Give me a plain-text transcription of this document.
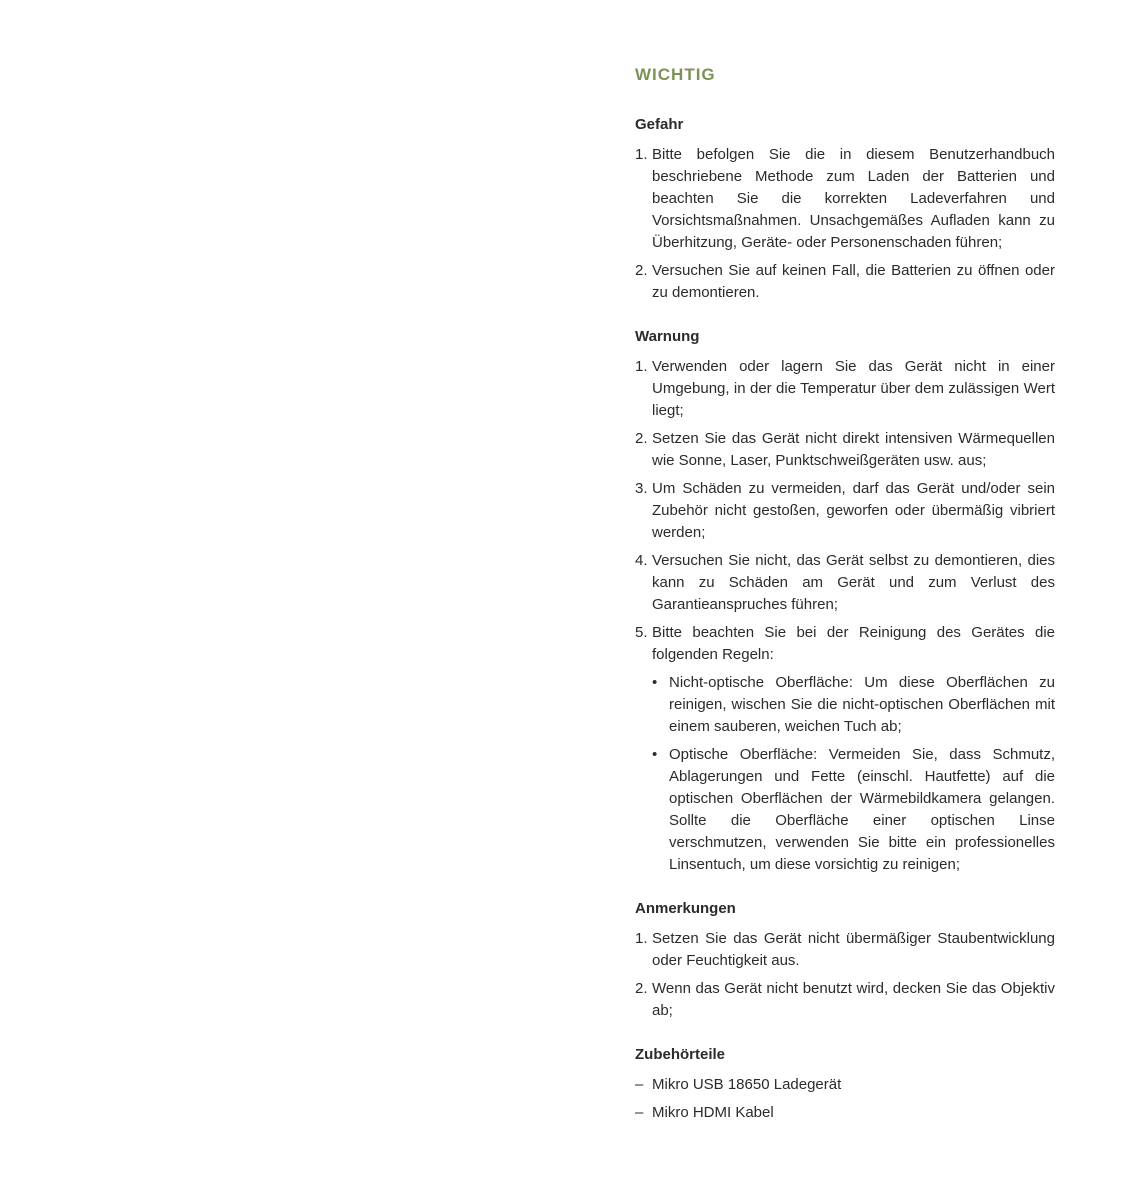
WICHTIG
Gefahr
1. Bitte befolgen Sie die in diesem Benutzerhandbuch beschriebene Methode zum Laden der Batterien und beachten Sie die korrekten Ladeverfahren und Vorsichtsmaßnahmen. Unsachgemäßes Aufladen kann zu Überhitzung, Geräte- oder Personenschaden führen;
2. Versuchen Sie auf keinen Fall, die Batterien zu öffnen oder zu demontieren.
Warnung
1. Verwenden oder lagern Sie das Gerät nicht in einer Umgebung, in der die Temperatur über dem zulässigen Wert liegt;
2. Setzen Sie das Gerät nicht direkt intensiven Wärmequellen wie Sonne, Laser, Punktschweißgeräten usw. aus;
3. Um Schäden zu vermeiden, darf das Gerät und/oder sein Zubehör nicht gestoßen, geworfen oder übermäßig vibriert werden;
4. Versuchen Sie nicht, das Gerät selbst zu demontieren, dies kann zu Schäden am Gerät und zum Verlust des Garantieanspruches führen;
5. Bitte beachten Sie bei der Reinigung des Gerätes die folgenden Regeln:
• Nicht-optische Oberfläche: Um diese Oberflächen zu reinigen, wischen Sie die nicht-optischen Oberflächen mit einem sauberen, weichen Tuch ab;
• Optische Oberfläche: Vermeiden Sie, dass Schmutz, Ablagerungen und Fette (einschl. Hautfette) auf die optischen Oberflächen der Wärmebildkamera gelangen. Sollte die Oberfläche einer optischen Linse verschmutzen, verwenden Sie bitte ein professionelles Linsentuch, um diese vorsichtig zu reinigen;
Anmerkungen
1. Setzen Sie das Gerät nicht übermäßiger Staubentwicklung oder Feuchtigkeit aus.
2. Wenn das Gerät nicht benutzt wird, decken Sie das Objektiv ab;
Zubehörteile
– Mikro USB 18650 Ladegerät
– Mikro HDMI Kabel
